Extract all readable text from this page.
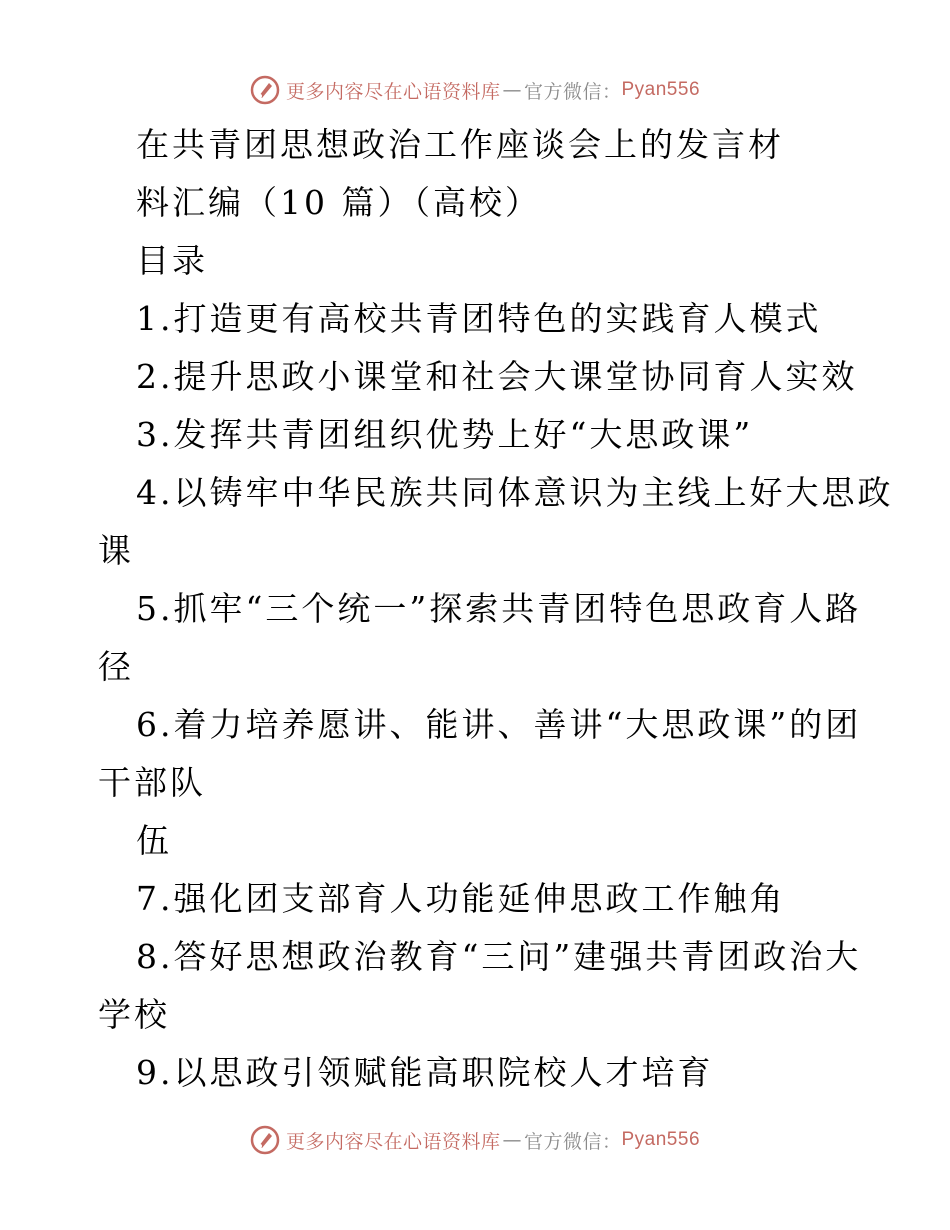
更多内容尽在心语资料库 — 官方微信： Pyan556
在共青团思想政治工作座谈会上的发言材
料汇编（10 篇）（高校）
目录
1.打造更有高校共青团特色的实践育人模式
2.提升思政小课堂和社会大课堂协同育人实效
3.发挥共青团组织优势上好“大思政课”
4.以铸牢中华民族共同体意识为主线上好大思政
课
5.抓牢“三个统一”探索共青团特色思政育人路
径
6.着力培养愿讲、能讲、善讲“大思政课”的团
干部队
伍
7.强化团支部育人功能延伸思政工作触角
8.答好思想政治教育“三问”建强共青团政治大
学校
9.以思政引领赋能高职院校人才培育
更多内容尽在心语资料库 — 官方微信： Pyan556
